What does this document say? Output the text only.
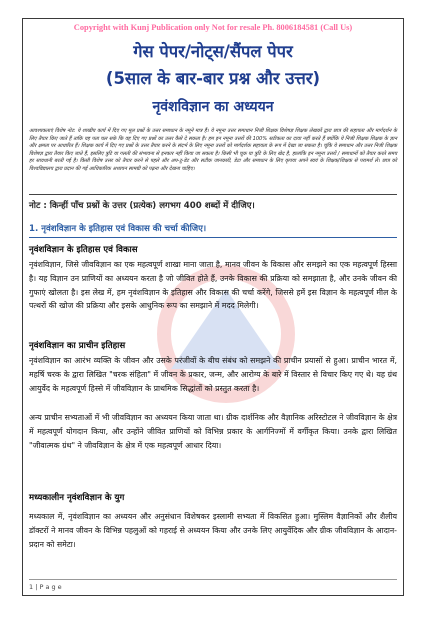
Copyright with Kunj Publication only Not for resale Ph. 8006184581 (Call Us)
गेस पेपर/नोट्स/सैंपल पेपर
(5साल के बार-बार प्रश्न और उत्तर)
नृवंशविज्ञान का अध्ययन
आवश्यकताएं विशेष नोट: ये शाखीय कार्य में दिए गए मूल प्रश्नों के उत्तर समाधान के नमूने मात्र हैं। ये नमूना उत्तर समाधान निजी शिक्षक विशेषज्ञ शिक्षक लेखकों द्वारा छात्र की सहायता और मार्गदर्शन के लिए तैयार किए जाते हैं ताकि यह पता चल सके कि वह दिए गए प्रश्नों का उत्तर कैसे दे सकता है। हम इन नमूना उत्तरों की 100% सटीकता का दावा नहीं करते हैं क्योंकि ये निजी शिक्षक शिक्षक के ज्ञान और क्षमता पर आधारित हैं। शिक्षक कार्य में दिए गए प्रश्नों के उत्तर तैयार करने के संदर्भ के लिए नमूना उत्तरों को मार्गदर्शक सहायता के रूप में देखा जा सकता है। चूंकि ये समाधान और उत्तर निजी शिक्षक विशेषज्ञ द्वारा तैयार किए जाते हैं, इसलिए त्रुटि या गलती की संभावना से इनकार नहीं किया जा सकता है। किसी भी चूक या त्रुटि के लिए खेद है, हालांकि इन नमूना उत्तरों / समाधानों को तैयार करते समय हर सावधानी बरती गई है। किसी विशेष उत्तर को तैयार करने से पहले और अप-टू-डेट और सटीक जानकारी, डेटा और समाधान के लिए कृपया अपने स्वयं के शिक्षक/शिक्षक से परामर्श लें। छात्र को विश्वविद्यालय द्वारा प्रदान की गई आधिकारिक अध्ययन सामग्री को पढ़ना और देखना चाहिए।
नोट : किन्हीं पाँच प्रश्नों के उत्तर (प्रत्येक) लगभग 400 शब्दों में दीजिए।
1. नृवंशविज्ञान के इतिहास एवं विकास की चर्चा कीजिए।
नृवंशविज्ञान के इतिहास एवं विकास
नृवंशविज्ञान, जिसे जीवविज्ञान का एक महत्वपूर्ण शाखा माना जाता है, मानव जीवन के विकास और समझने का एक महत्वपूर्ण हिस्सा है। यह विज्ञान उन प्राणियों का अध्ययन करता है जो जीवित होते हैं, उनके विकास की प्रक्रिया को समझाता है, और उनके जीवन की गुफाएं खोलता है। इस लेख में, हम नृवंशविज्ञान के इतिहास और विकास की चर्चा करेंगे, जिससे हमें इस विज्ञान के महत्वपूर्ण मील के पत्थरों की खोज की प्रक्रिया और इसके आधुनिक रूप का समझाने में मदद मिलेगी।
नृवंशविज्ञान का प्राचीन इतिहास
नृवंशविज्ञान का आरंभ व्यक्ति के जीवन और उसके परंजीवों के बीच संबंध को समझने की प्राचीन प्रयासों से हुआ। प्राचीन भारत में, महर्षि चरक के द्वारा लिखित "चरक संहिता" में जीवन के प्रकार, जन्म, और आरोग्य के बारे में विस्तार से विचार किए गए थे। यह ग्रंथ आयुर्वेद के महत्वपूर्ण हिस्से में जीवविज्ञान के प्राथमिक सिद्धांतों को प्रस्तुत करता है।
अन्य प्राचीन सभ्यताओं में भी जीवविज्ञान का अध्ययन किया जाता था। ग्रीक दार्शनिक और वैज्ञानिक अरिस्टोटल ने जीवविज्ञान के क्षेत्र में महत्वपूर्ण योगदान किया, और उन्होंने जीवित प्राणियों को विभिन्न प्रकार के आर्गनिज्मों में वर्गीकृत किया। उनके द्वारा लिखित "जीवात्मक ग्रंथ" ने जीवविज्ञान के क्षेत्र में एक महत्वपूर्ण आधार दिया।
मध्यकालीन नृवंशविज्ञान के युग
मध्यकाल में, नृवंशविज्ञान का अध्ययन और अनुसंधान विशेषकर इस्लामी सभ्यता में विकसित हुआ। मुस्लिम वैज्ञानिकों और शैलीय डॉक्टरों ने मानव जीवन के विभिन्न पहलुओं को गहराई से अध्ययन किया और उनके लिए आयुर्वेदिक और ग्रीक जीवविज्ञान के आदान-प्रदान को समेटा।
1 | P a g e
